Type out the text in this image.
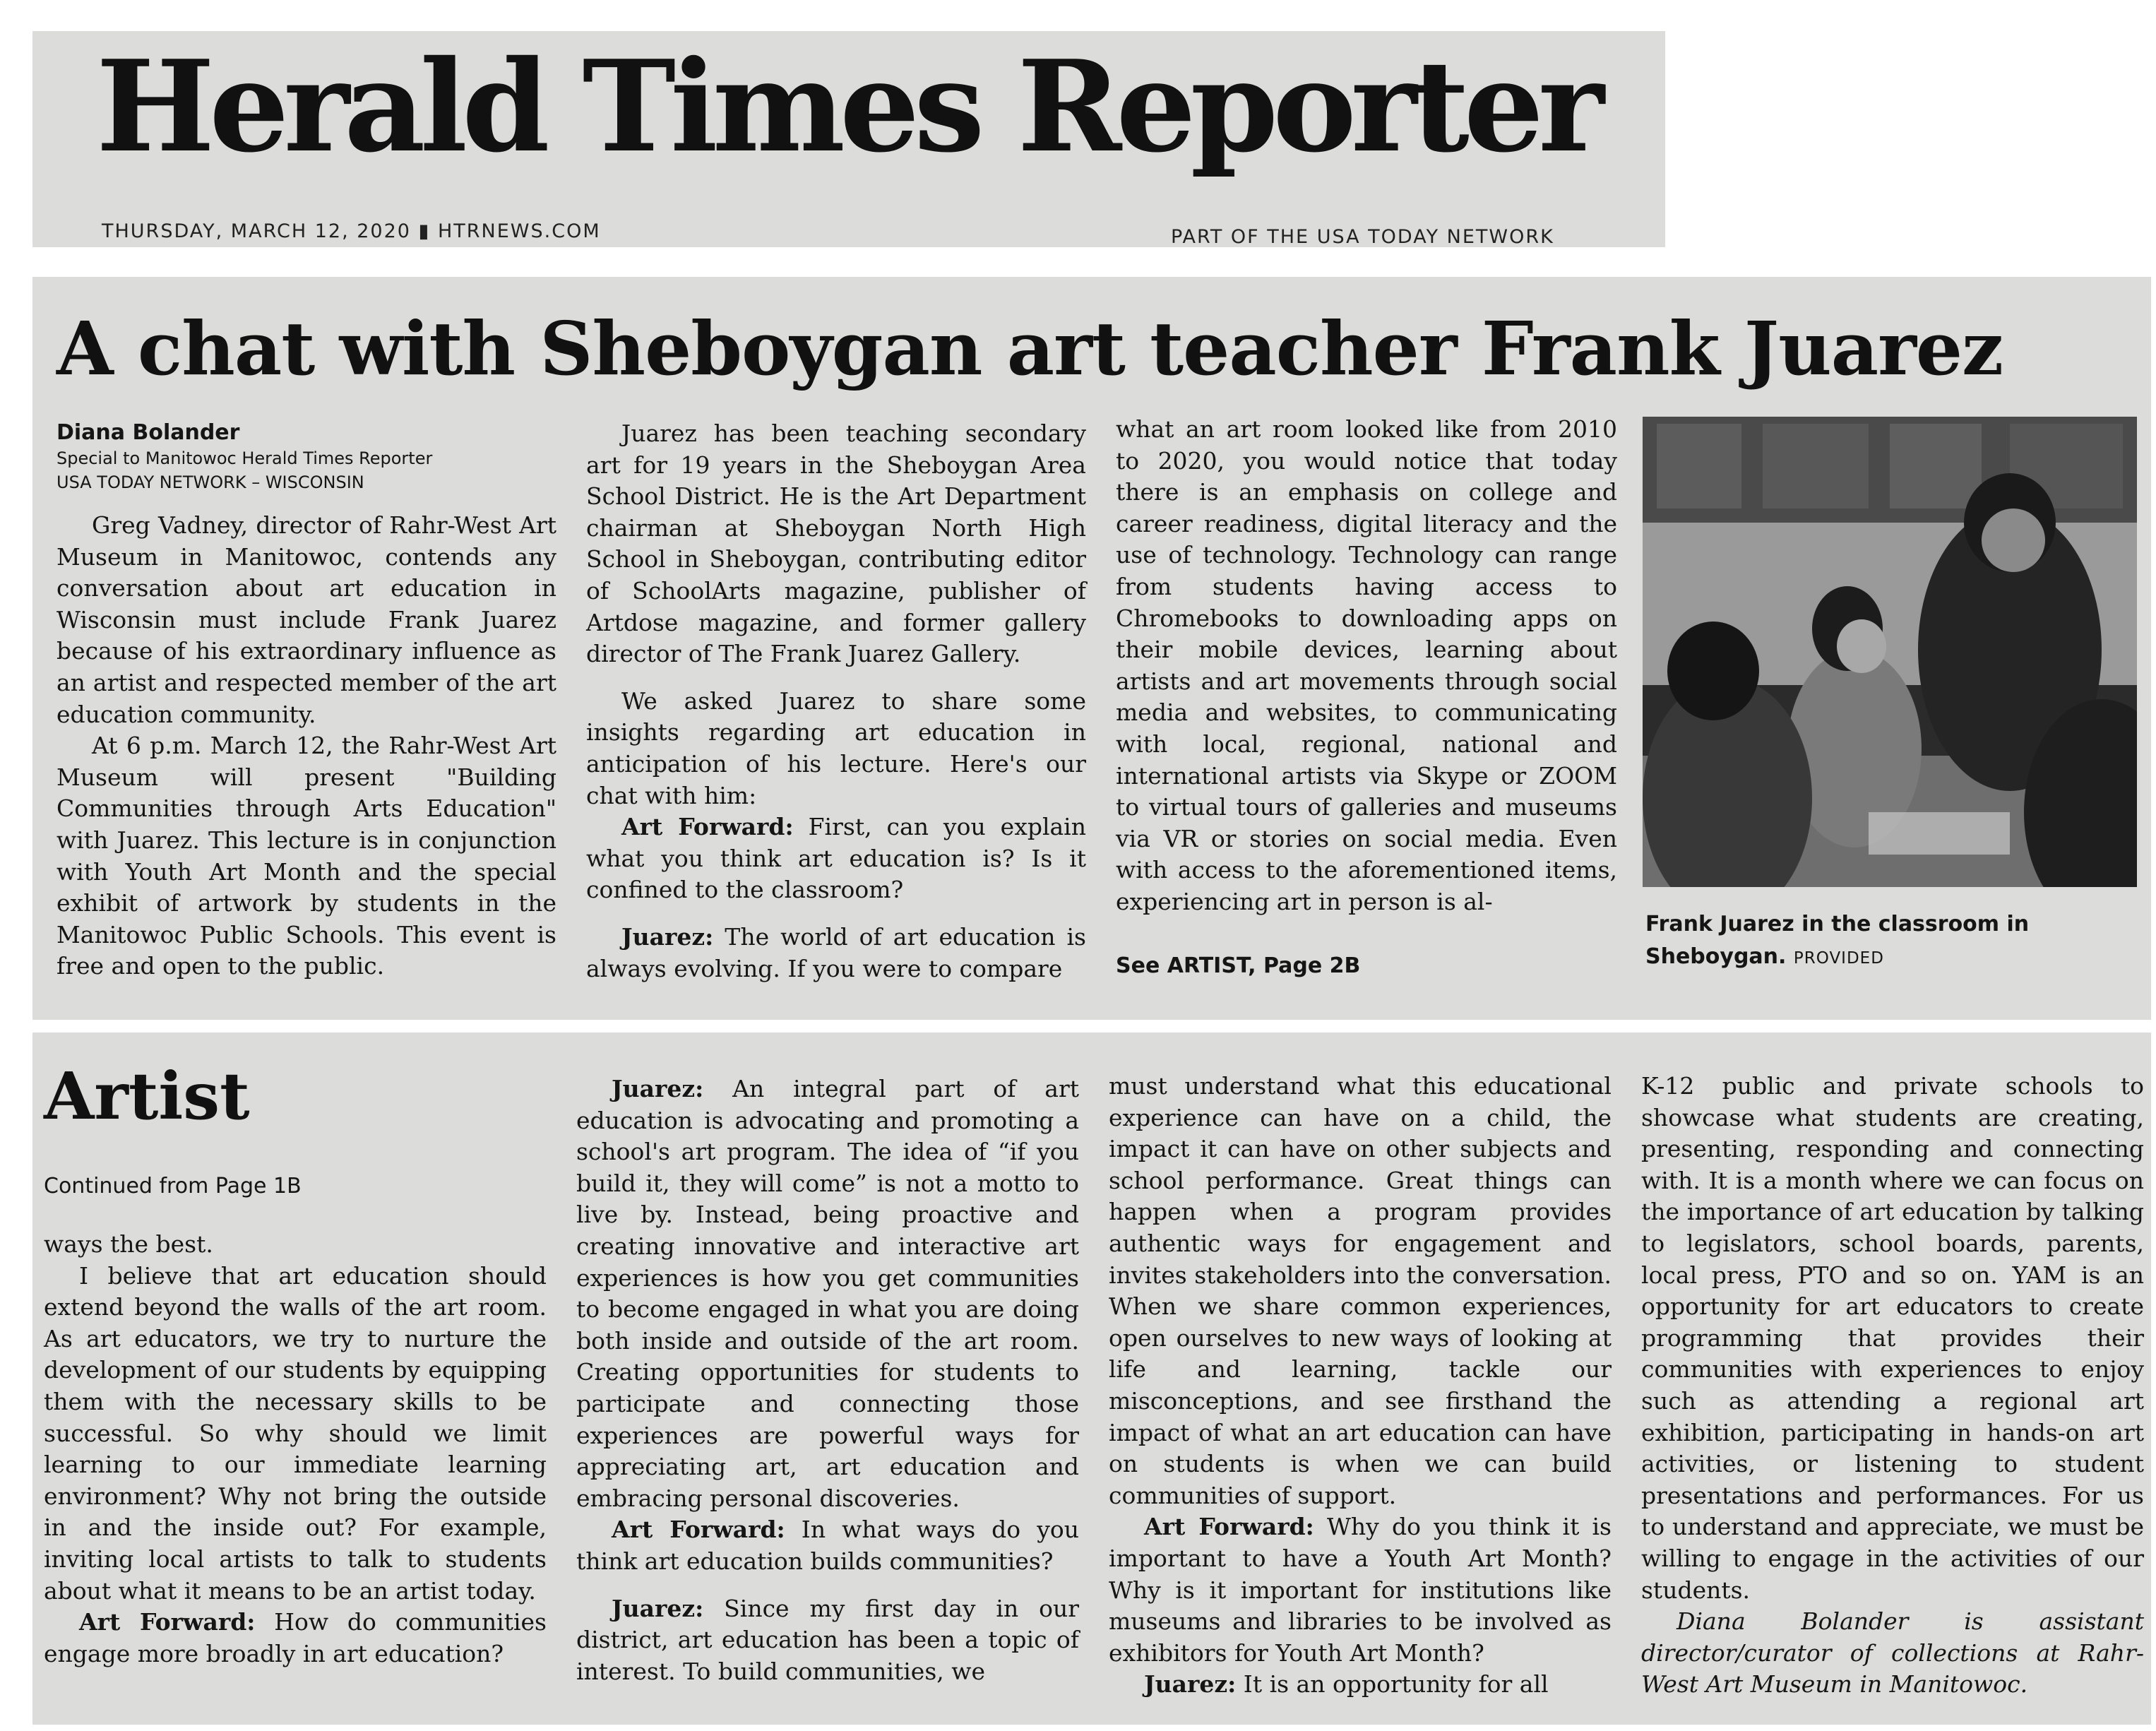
Herald Times Reporter
THURSDAY, MARCH 12, 2020 ▮ HTRNEWS.COM	PART OF THE USA TODAY NETWORK
A chat with Sheboygan art teacher Frank Juarez
Diana Bolander
Special to Manitowoc Herald Times Reporter
USA TODAY NETWORK – WISCONSIN

Greg Vadney, director of Rahr-West Art Museum in Manitowoc, contends any conversation about art education in Wisconsin must include Frank Juarez because of his extraordinary influence as an artist and respected member of the art education community.

At 6 p.m. March 12, the Rahr-West Art Museum will present "Building Communities through Arts Education" with Juarez. This lecture is in conjunction with Youth Art Month and the special exhibit of artwork by students in the Manitowoc Public Schools. This event is free and open to the public.

Juarez has been teaching secondary art for 19 years in the Sheboygan Area School District. He is the Art Department chairman at Sheboygan North High School in Sheboygan, contributing editor of SchoolArts magazine, publisher of Artdose magazine, and former gallery director of The Frank Juarez Gallery.

We asked Juarez to share some insights regarding art education in anticipation of his lecture. Here's our chat with him:

Art Forward: First, can you explain what you think art education is? Is it confined to the classroom?

Juarez: The world of art education is always evolving. If you were to compare

what an art room looked like from 2010 to 2020, you would notice that today there is an emphasis on college and career readiness, digital literacy and the use of technology. Technology can range from students having access to Chromebooks to downloading apps on their mobile devices, learning about artists and art movements through social media and websites, to communicating with local, regional, national and international artists via Skype or ZOOM to virtual tours of galleries and museums via VR or stories on social media. Even with access to the aforementioned items, experiencing art in person is al-

See ARTIST, Page 2B
Frank Juarez in the classroom in Sheboygan. PROVIDED
Artist
Continued from Page 1B

ways the best.

I believe that art education should extend beyond the walls of the art room. As art educators, we try to nurture the development of our students by equipping them with the necessary skills to be successful. So why should we limit learning to our immediate learning environment? Why not bring the outside in and the inside out? For example, inviting local artists to talk to students about what it means to be an artist today.

Art Forward: How do communities engage more broadly in art education?

Juarez: An integral part of art education is advocating and promoting a school's art program. The idea of “if you build it, they will come” is not a motto to live by. Instead, being proactive and creating innovative and interactive art experiences is how you get communities to become engaged in what you are doing both inside and outside of the art room. Creating opportunities for students to participate and connecting those experiences are powerful ways for appreciating art, art education and embracing personal discoveries.

Art Forward: In what ways do you think art education builds communities?

Juarez: Since my first day in our district, art education has been a topic of interest. To build communities, we

must understand what this educational experience can have on a child, the impact it can have on other subjects and school performance. Great things can happen when a program provides authentic ways for engagement and invites stakeholders into the conversation. When we share common experiences, open ourselves to new ways of looking at life and learning, tackle our misconceptions, and see firsthand the impact of what an art education can have on students is when we can build communities of support.

Art Forward: Why do you think it is important to have a Youth Art Month? Why is it important for institutions like museums and libraries to be involved as exhibitors for Youth Art Month?

Juarez: It is an opportunity for all

K-12 public and private schools to showcase what students are creating, presenting, responding and connecting with. It is a month where we can focus on the importance of art education by talking to legislators, school boards, parents, local press, PTO and so on. YAM is an opportunity for art educators to create programming that provides their communities with experiences to enjoy such as attending a regional art exhibition, participating in hands-on art activities, or listening to student presentations and performances. For us to understand and appreciate, we must be willing to engage in the activities of our students.

Diana Bolander is assistant director/curator of collections at Rahr-West Art Museum in Manitowoc.
